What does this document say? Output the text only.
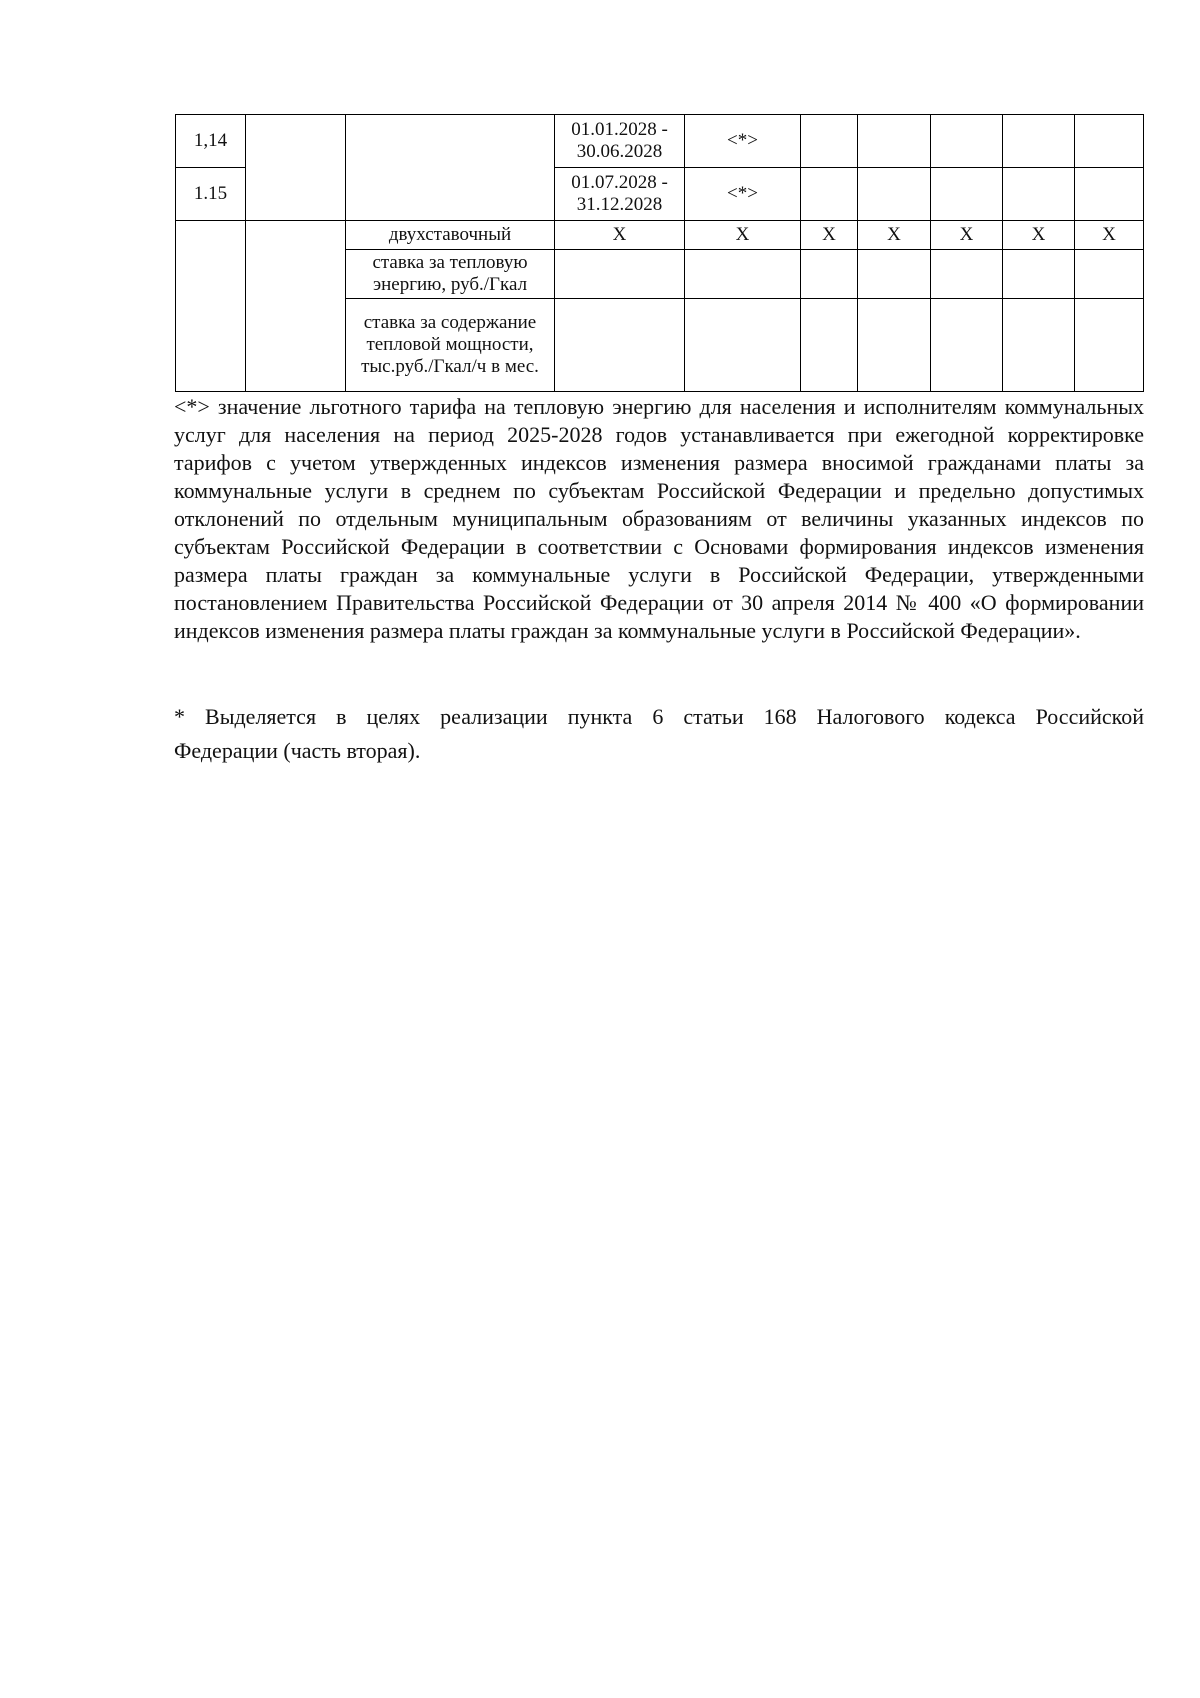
1,14			01.01.2028 - 30.06.2028	<*>					
1.15			01.07.2028 - 31.12.2028	<*>					
		двухставочный	X	X	X	X	X	X	X
		ставка за тепловую энергию, руб./Гкал							
		ставка за содержание тепловой мощности, тыс.руб./Гкал/ч в мес.							

<*> значение льготного тарифа на тепловую энергию для населения и исполнителям коммунальных услуг для населения на период 2025-2028 годов устанавливается при ежегодной корректировке тарифов с учетом утвержденных индексов изменения размера вносимой гражданами платы за коммунальные услуги в среднем по субъектам Российской Федерации и предельно допустимых отклонений по отдельным муниципальным образованиям от величины указанных индексов по субъектам Российской Федерации в соответствии с Основами формирования индексов изменения размера платы граждан за коммунальные услуги в Российской Федерации, утвержденными постановлением Правительства Российской Федерации от 30 апреля 2014 № 400 «О формировании индексов изменения размера платы граждан за коммунальные услуги в Российской Федерации».

* Выделяется в целях реализации пункта 6 статьи 168 Налогового кодекса Российской
Федерации (часть вторая).
